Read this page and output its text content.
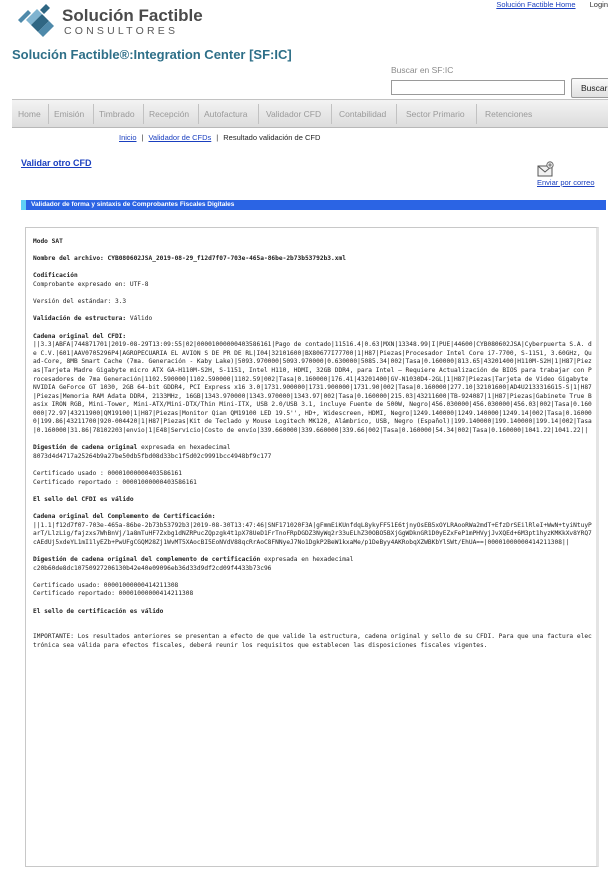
Solución Factible
CONSULTORES
Solución Factible Home Login
Solución Factible®:Integration Center [SF:IC]
Buscar en SF:IC
Buscar
Home Emisión Timbrado Recepción Autofactura Validador CFD Contabilidad Sector Primario Retenciones
Inicio | Validador de CFDs | Resultado validación de CFD
Validar otro CFD
Enviar por correo
Validador de forma y sintaxis de Comprobantes Fiscales Digitales
Modo SAT
Nombre del archivo: CYB080602JSA_2019-08-29_f12d7f07-703e-465a-86be-2b73b53792b3.xml
Codificación
Comprobante expresado en: UTF-8
Versión del estándar: 3.3
Validación de estructura: Válido
Cadena original del CFDI:
||3.3|ABFA|744871701|2019-08-29T13:09:55|02|00001000000403586161|Pago de contado|11516.4|0.63|MXN|13348.99|I|PUE|44600|CYB080602JSA|Cyberpuerta S.A. de C.V.|601|AAV0705296P4|AGROPECUARIA EL AVION S DE PR DE RL|I04|32101600|BX80677I77700|1|H87|Piezas|Procesador Intel Core i7-7700, S-1151, 3.60GHz, Quad-Core, 8MB Smart Cache (7ma. Generación - Kaby Lake)|5093.970000|5093.970000|0.630000|5085.34|002|Tasa|0.160000|813.65|43201400|H110M-S2H|1|H87|Piezas|Tarjeta Madre Gigabyte micro ATX GA-H110M-S2H, S-1151, Intel H110, HDMI, 32GB DDR4, para Intel — Requiere Actualización de BIOS para trabajar con Procesadores de 7ma Generación|1102.590000|1102.590000|1102.59|002|Tasa|0.160000|176.41|43201400|GV-N1030D4-2GL|1|H87|Piezas|Tarjeta de Video Gigabyte NVIDIA GeForce GT 1030, 2GB 64-bit GDDR4, PCI Express x16 3.0|1731.900000|1731.900000|1731.90|002|Tasa|0.160000|277.10|32101600|AD4U2133316G15-S|1|H87|Piezas|Memoria RAM Adata DDR4, 2133MHz, 16GB|1343.970000|1343.970000|1343.97|002|Tasa|0.160000|215.03|43211600|TB-924087|1|H87|Piezas|Gabinete True Basix IRON RGB, Mini-Tower, Mini-ATX/Mini-DTX/Thin Mini-ITX, USB 2.0/USB 3.1, incluye Fuente de 500W, Negro|456.030000|456.030000|456.03|002|Tasa|0.160000|72.97|43211900|QM19100|1|H87|Piezas|Monitor Qian QM19100 LED 19.5'', HD+, Widescreen, HDMI, Negro|1249.140000|1249.140000|1249.14|002|Tasa|0.160000|199.86|43211700|920-004420|1|H87|Piezas|Kit de Teclado y Mouse Logitech MK120, Alámbrico, USB, Negro (Español)|199.140000|199.140000|199.14|002|Tasa|0.160000|31.86|78102203|envio|1|E48|Servicio|Costo de envío|339.660000|339.660000|339.66|002|Tasa|0.160000|54.34|002|Tasa|0.160000|1041.22|1041.22||
Digestión de cadena original expresada en hexadecimal
8073d4d4717a25264b9a27be50db5fbd08d33bc1f5d02c9991bcc4948bf9c177
Certificado usado : 00001000000403586161
Certificado reportado : 00001000000403586161
El sello del CFDI es válido
Cadena original del Complemento de Certificación:
||1.1|f12d7f07-703e-465a-86be-2b73b53792b3|2019-08-30T13:47:46|SNF171020F3A|gFmmEiKUnfdqL8ykyFF51E6tjnyOsEB5xOYLRAooRWa2mdT+EfzDrSEilRleI+WwN+tyiNtuyParT/LlzLig/fajzxs7WhBnVj/1a8mTuHF7Zxbg1dNZRPucZQpzgk4t1pX78UeD1FrTnoFRpDGDZ3NyWq2r33uELhZ30OBO5BXjGgWDknGR1D0yEZxFeP1mPHVyjJvXQEd+6M3pt1hyzKMKkXv8YRQ7cAEdUj5xdeYL1mI1lyEZb+PwUFgCGQM28Zj1WvMT5XAocBI5EoNVdV88qcRrAoC8FNNyeJ7No1DgkP2BeW1kxaMe/p1DeByy4AKRobqXZWBKbYlSWt/EhUA==|00001000000414211308||
Digestión de cadena original del complemento de certificación expresada en hexadecimal
c20b60de8dc10750927206130b42e40e09096eb36d33d9df2cd09f4433b73c96
Certificado usado: 00001000000414211308
Certificado reportado: 00001000000414211308
El sello de certificación es válido
IMPORTANTE: Los resultados anteriores se presentan a efecto de que valide la estructura, cadena original y sello de su CFDI. Para que una factura electrónica sea válida para efectos fiscales, deberá reunir los requisitos que establecen las disposiciones fiscales vigentes.
